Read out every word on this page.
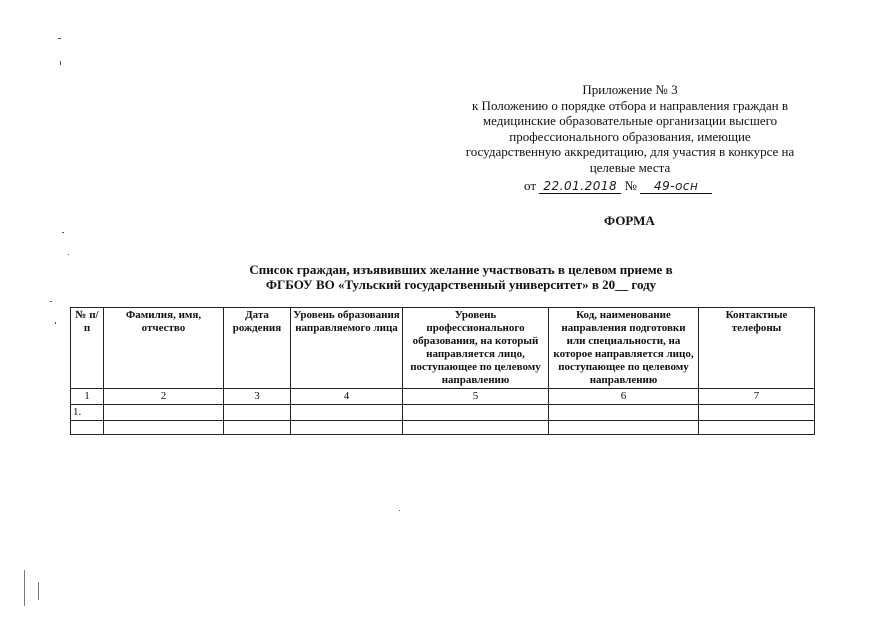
Приложение № 3
к Положению о порядке отбора и направления граждан в
медицинские образовательные организации высшего
профессионального образования, имеющие
государственную аккредитацию, для участия в конкурсе на
целевые места
от 22.01.2018 № 49-осн
ФОРМА
Список граждан, изъявивших желание участвовать в целевом приеме в
ФГБОУ ВО «Тульский государственный университет» в 20__ году
№ п/п	Фамилия, имя, отчество	Дата рождения	Уровень образования направляемого лица	Уровень профессионального образования, на который направляется лицо, поступающее по целевому направлению	Код, наименование направления подготовки или специальности, на которое направляется лицо, поступающее по целевому направлению	Контактные телефоны
1	2	3	4	5	6	7
1.						
